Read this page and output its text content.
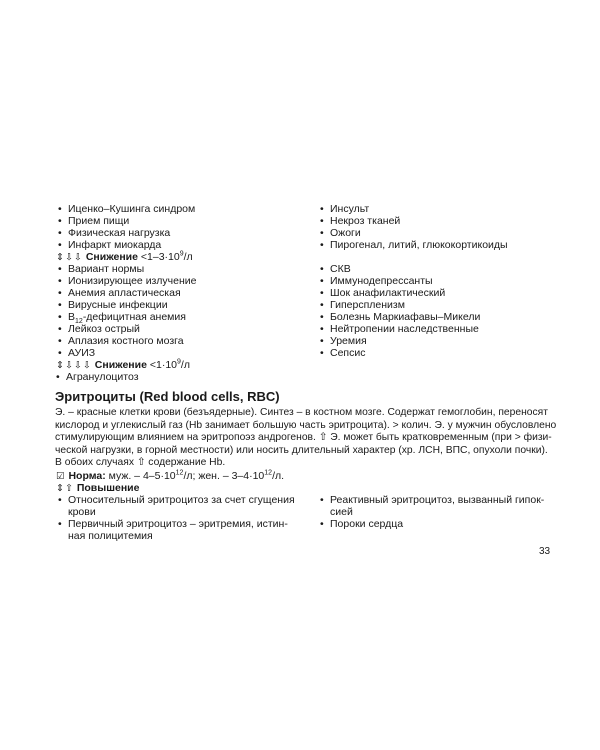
• Иценко–Кушинга синдром
• Прием пищи
• Физическая нагрузка
• Инфаркт миокарда
• Инсульт
• Некроз тканей
• Ожоги
• Пирогенал, литий, глюкокортикоиды
⇕⇩⇩ Снижение $<1-3\cdot 10^9/л$
• Вариант нормы
• Ионизирующее излучение
• Анемия апластическая
• Вирусные инфекции
• $B_{12}$-дефицитная анемия
• Лейкоз острый
• Аплазия костного мозга
• АУИЗ
• СКВ
• Иммунодепрессанты
• Шок анафилактический
• Гиперспленизм
• Болезнь Маркиафавы–Микели
• Нейтропении наследственные
• Уремия
• Сепсис
⇕⇩⇩⇩ Снижение $<1\cdot 10^9/л$
• Агранулоцитоз
Эритроциты (Red blood cells, RBC)
Э. – красные клетки крови (безъядерные). Синтез – в костном мозге. Содержат гемоглобин, переносят
кислород и углекислый газ (Hb занимает большую часть эритроцита). > колич. Э. у мужчин обусловлено
стимулирующим влиянием на эритропоэз андрогенов. ⇧ Э. может быть кратковременным (при > физи-
ческой нагрузки, в горной местности) или носить длительный характер (хр. ЛСН, ВПС, опухоли почки).
В обоих случаях ⇧ содержание Hb.
☑ Норма: муж. – $4-5\cdot 10^{12}/л$; жен. – $3-4\cdot 10^{12}/л$.
⇕⇧ Повышение
• Относительный эритроцитоз за счет сгущения
крови
• Первичный эритроцитоз – эритремия, истин-
ная полицитемия
• Реактивный эритроцитоз, вызванный гипок-
сией
• Пороки сердца
33
